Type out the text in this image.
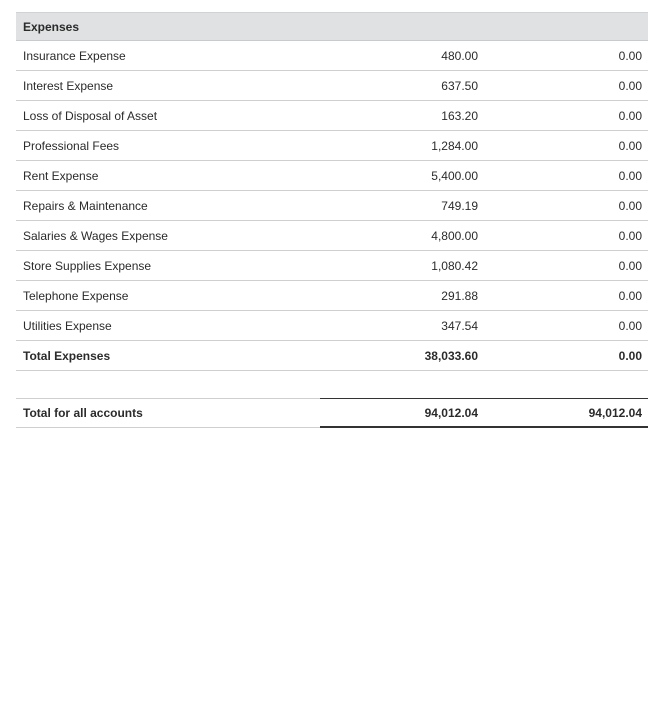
Expenses
Insurance Expense	480.00	0.00
Interest Expense	637.50	0.00
Loss of Disposal of Asset	163.20	0.00
Professional Fees	1,284.00	0.00
Rent Expense	5,400.00	0.00
Repairs & Maintenance	749.19	0.00
Salaries & Wages Expense	4,800.00	0.00
Store Supplies Expense	1,080.42	0.00
Telephone Expense	291.88	0.00
Utilities Expense	347.54	0.00
Total Expenses	38,033.60	0.00
Total for all accounts	94,012.04	94,012.04
